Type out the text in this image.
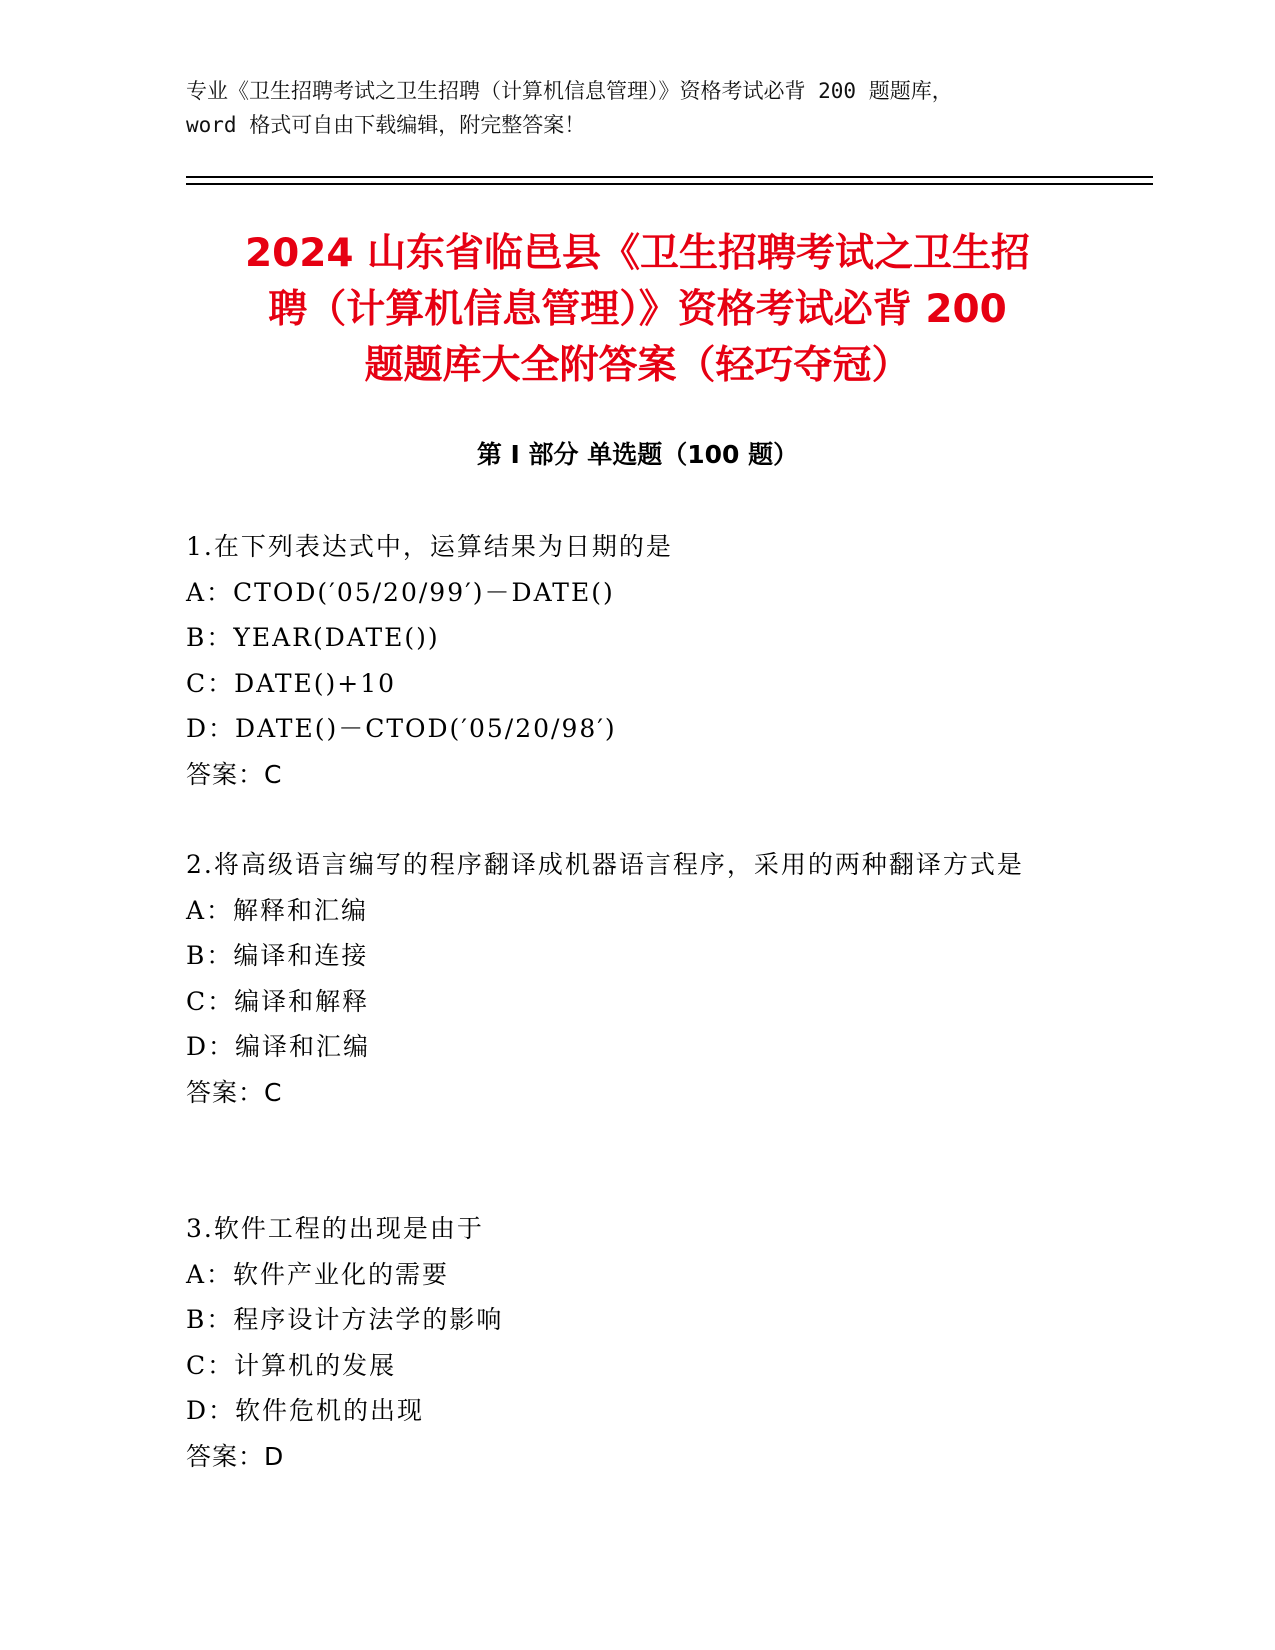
专业《卫生招聘考试之卫生招聘（计算机信息管理）》资格考试必背 200 题题库，
word 格式可自由下载编辑，附完整答案！
2024 山东省临邑县《卫生招聘考试之卫生招
聘（计算机信息管理）》资格考试必背 200
题题库大全附答案（轻巧夺冠）
第 I 部分 单选题（100 题）
1.在下列表达式中，运算结果为日期的是
A：CTOD(′05/20/99′)－DATE()
B：YEAR(DATE())
C：DATE()+10
D：DATE()－CTOD(′05/20/98′)
答案：C
2.将高级语言编写的程序翻译成机器语言程序，采用的两种翻译方式是
A：解释和汇编
B：编译和连接
C：编译和解释
D：编译和汇编
答案：C
3.软件工程的出现是由于
A：软件产业化的需要
B：程序设计方法学的影响
C：计算机的发展
D：软件危机的出现
答案：D
